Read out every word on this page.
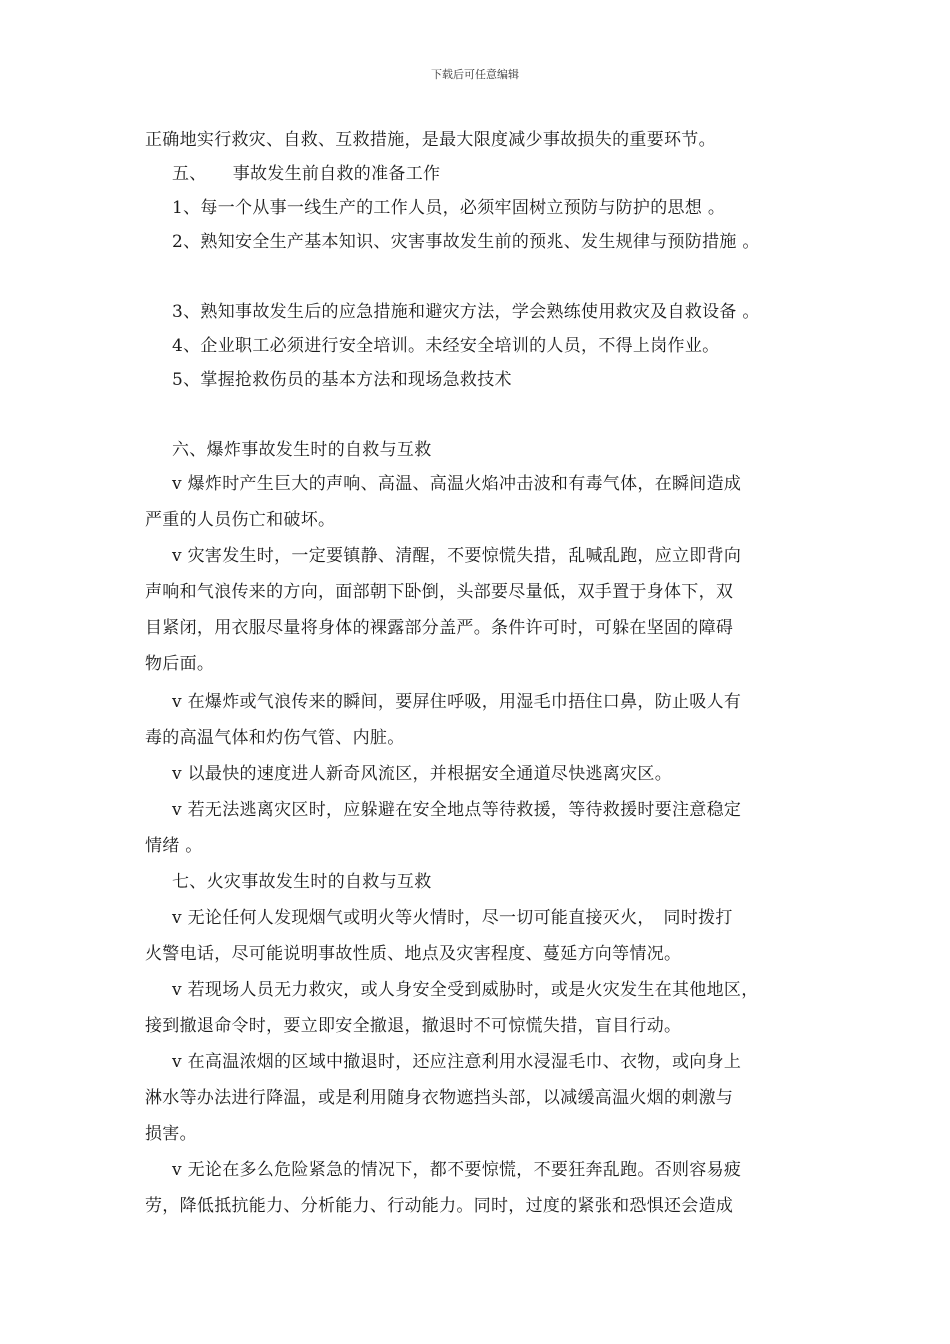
下载后可任意编辑
正确地实行救灾、自救、互救措施，是最大限度减少事故损失的重要环节。
五、　　事故发生前自救的准备工作
1、每一个从事一线生产的工作人员，必须牢固树立预防与防护的思想 。
2、熟知安全生产基本知识、灾害事故发生前的预兆、发生规律与预防措施 。
3、熟知事故发生后的应急措施和避灾方法，学会熟练使用救灾及自救设备 。
4、企业职工必须进行安全培训。未经安全培训的人员，不得上岗作业。
5、掌握抢救伤员的基本方法和现场急救技术
六、爆炸事故发生时的自救与互救
v 爆炸时产生巨大的声响、高温、高温火焰冲击波和有毒气体，在瞬间造成
严重的人员伤亡和破坏。
v 灾害发生时，一定要镇静、清醒，不要惊慌失措，乱喊乱跑，应立即背向
声响和气浪传来的方向，面部朝下卧倒，头部要尽量低，双手置于身体下，双
目紧闭，用衣服尽量将身体的裸露部分盖严。条件许可时，可躲在坚固的障碍
物后面。
v 在爆炸或气浪传来的瞬间，要屏住呼吸，用湿毛巾捂住口鼻，防止吸人有
毒的高温气体和灼伤气管、内脏。
v 以最快的速度进人新奇风流区，并根据安全通道尽快逃离灾区。
v 若无法逃离灾区时，应躲避在安全地点等待救援，等待救援时要注意稳定
情绪 。
七、火灾事故发生时的自救与互救
v 无论任何人发现烟气或明火等火情时，尽一切可能直接灭火，　同时拨打
火警电话，尽可能说明事故性质、地点及灾害程度、蔓延方向等情况。
v 若现场人员无力救灾，或人身安全受到威胁时，或是火灾发生在其他地区，
接到撤退命令时，要立即安全撤退，撤退时不可惊慌失措，盲目行动。
v 在高温浓烟的区域中撤退时，还应注意利用水浸湿毛巾、衣物，或向身上
淋水等办法进行降温，或是利用随身衣物遮挡头部，以减缓高温火烟的刺激与
损害。
v 无论在多么危险紧急的情况下，都不要惊慌，不要狂奔乱跑。否则容易疲
劳，降低抵抗能力、分析能力、行动能力。同时，过度的紧张和恐惧还会造成
